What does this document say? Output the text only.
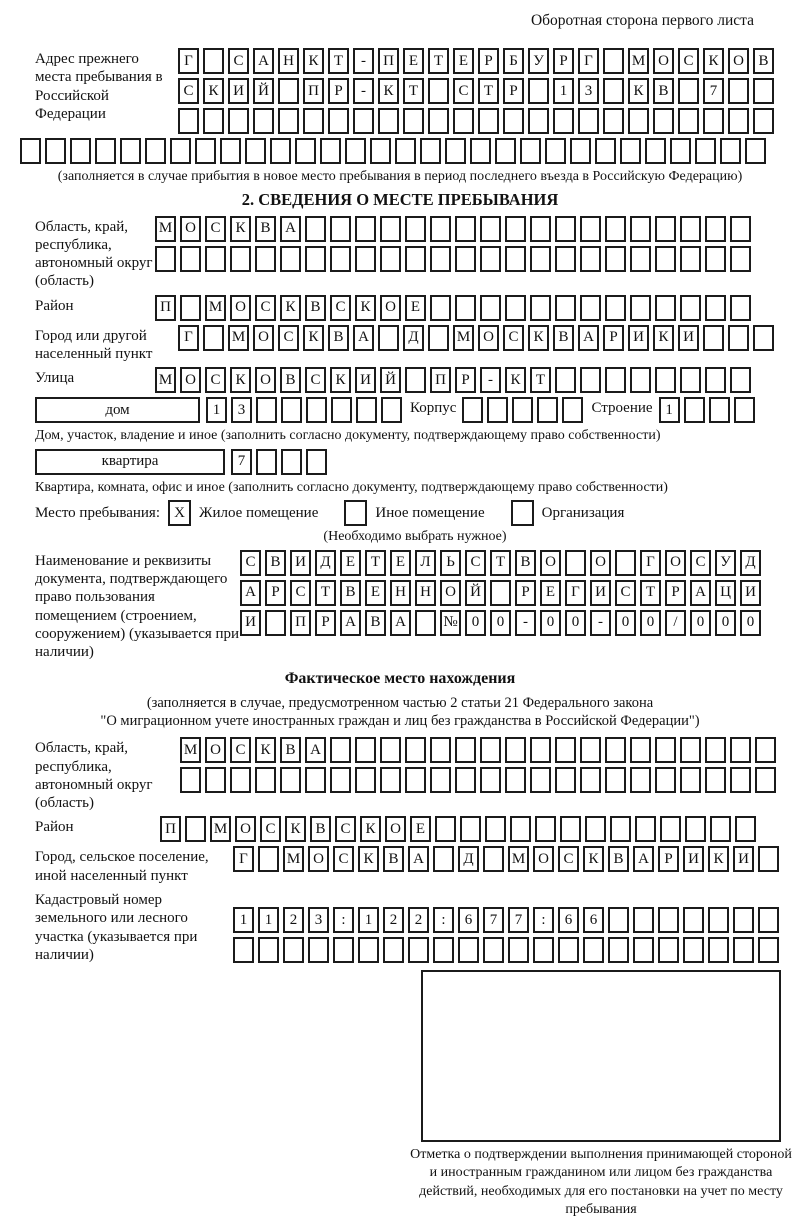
Оборотная сторона первого листа
Адрес прежнего места пребывания в Российской Федерации
Г	С А Н К	Т	-	П Е	Т	Е	Р	Б	У	Р	Г	М О С К О В
С К И Й	П	Р	-	К	Т	С	Т	Р	1	3	К В	7
(заполняется в случае прибытия в новое место пребывания в период последнего въезда в Российскую Федерацию)
2. СВЕДЕНИЯ О МЕСТЕ ПРЕБЫВАНИЯ
Область, край, республика, автономный округ (область)
М О С К В А
Район	П	М О С К В С К О Е
Город или другой населенный пункт
Г	М О С К В А	Д	М О С К В А	Р	И К И
Улица	М О С К О В С К И Й	П	Р	-	К	Т
дом	1	3	Корпус	Строение 1
Дом, участок, владение и иное (заполнить согласно документу, подтверждающему право собственности)
квартира	7
Квартира, комната, офис и иное (заполнить согласно документу, подтверждающему право собственности)
Место пребывания: X Жилое помещение	Иное помещение	Организация
(Необходимо выбрать нужное)
Наименование и реквизиты документа, подтверждающего право пользования помещением (строением, сооружением) (указывается при наличии)
С В И Д	Е	Т	Е	Л	Ь	С	Т	В О	О	Г	О С У Д
А	Р	С	Т	В	Е	Н Н О Й	Р	Е	Г	И С	Т	Р	А Ц И
И	П	Р	А В А	№ 0	0	-	0	0	-	0	0	/	0	0	0
Фактическое место нахождения
(заполняется в случае, предусмотренном частью 2 статьи 21 Федерального закона
"О миграционном учете иностранных граждан и лиц без гражданства в Российской Федерации")
Область, край, республика, автономный округ (область)
М О С К В А
Район	П	М О С К В С К О Е
Город, сельское поселение, иной населенный пункт
Г	М О С К В А	Д	М О С К В А	Р	И К И
Кадастровый номер земельного или лесного участка (указывается при наличии)
1	1	2	3	:	1	2	2	:	6	7	7	:	6	6
Отметка о подтверждении выполнения принимающей стороной и иностранным гражданином или лицом без гражданства действий, необходимых для его постановки на учет по месту пребывания
